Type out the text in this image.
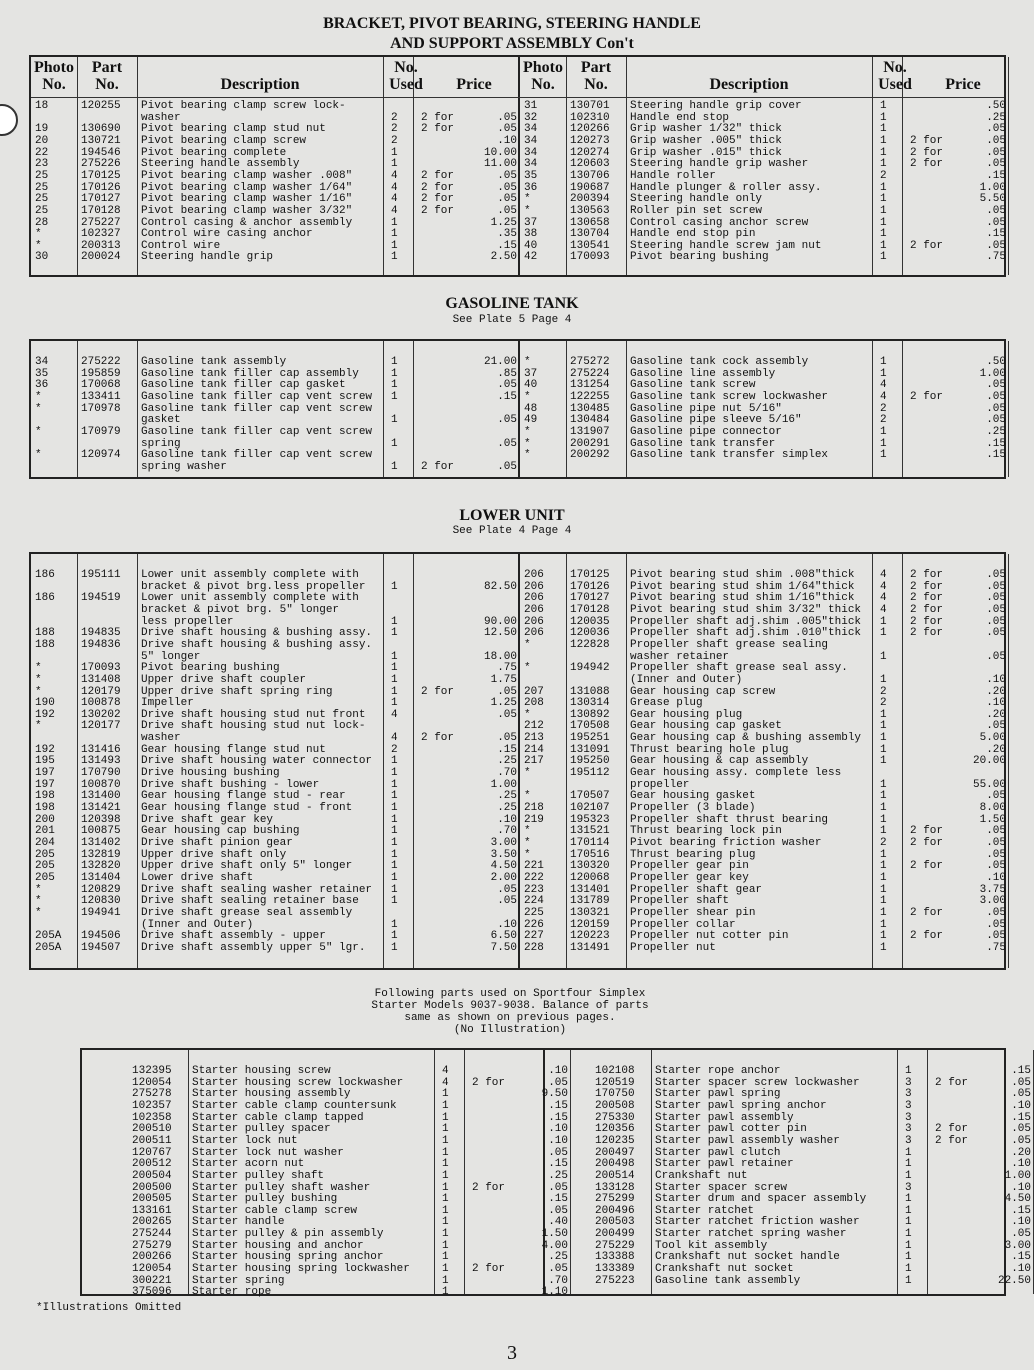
BRACKET, PIVOT BEARING, STEERING HANDLE
AND SUPPORT ASSEMBLY Con't
Photo
No.
Part
No.	Description
No.
Used	Price
Photo
No.
Part
No.	Description
No.
Used	Price
18	120255	Pivot bearing clamp screw lock-
washer	2	2 for	.05
19	130690	Pivot bearing clamp stud nut	2	2 for	.05
20	130721	Pivot bearing clamp screw	2	.10
22	194546	Pivot bearing complete	1	10.00
23	275226	Steering handle assembly	1	11.00
25	170125	Pivot bearing clamp washer .008"	4	2 for	.05
25	170126	Pivot bearing clamp washer 1/64"	4	2 for	.05
25	170127	Pivot bearing clamp washer 1/16"	4	2 for	.05
25	170128	Pivot bearing clamp washer 3/32"	4	2 for	.05
28	275227	Control casing & anchor assembly	1	1.25
*	102327	Control wire casing anchor	1	.35
*	200313	Control wire	1	.15
30	200024	Steering handle grip	1	2.50
31	130701	Steering handle grip cover	1	.50
32	102310	Handle end stop	1	.25
34	120266	Grip washer 1/32" thick	1	.05
34	120273	Grip washer .005" thick	1	2 for	.05
34	120274	Grip washer .015" thick	1	2 for	.05
34	120603	Steering handle grip washer	1	2 for	.05
35	130706	Handle roller	2	.15
36	190687	Handle plunger & roller assy.	1	1.00
*	200394	Steering handle only	1	5.50
*	130563	Roller pin set screw	1	.05
37	130658	Control casing anchor screw	1	.05
38	130704	Handle end stop pin	1	.15
40	130541	Steering handle screw jam nut	1	2 for	.05
42	170093	Pivot bearing bushing	1	.75
GASOLINE TANK
See Plate 5 Page 4
34	275222	Gasoline tank assembly	1	21.00
35	195859	Gasoline tank filler cap assembly	1	.85
36	170068	Gasoline tank filler cap gasket	1	.05
*	133411	Gasoline tank filler cap vent screw	1	.15
*	170978	Gasoline tank filler cap vent screw
gasket	1	.05
*	170979	Gasoline tank filler cap vent screw
spring	1	.05
*	120974	Gasoline tank filler cap vent screw
spring washer	1	2 for	.05
*	275272	Gasoline tank cock assembly	1	.50
37	275224	Gasoline line assembly	1	1.00
40	131254	Gasoline tank screw	4	.05
*	122255	Gasoline tank screw lockwasher	4	2 for	.05
48	130485	Gasoline pipe nut 5/16"	2	.05
49	130484	Gasoline pipe sleeve 5/16"	2	.05
*	131907	Gasoline pipe connector	1	.25
*	200291	Gasoline tank transfer	1	.15
*	200292	Gasoline tank transfer simplex	1	.15
LOWER UNIT
See Plate 4 Page 4
186	195111	Lower unit assembly complete with
bracket & pivot brg.less propeller	1	82.50
186	194519	Lower unit assembly complete with
bracket & pivot brg. 5" longer
less propeller	1	90.00
188	194835	Drive shaft housing & bushing assy.	1	12.50
188	194836	Drive shaft housing & bushing assy.
5" longer	1	18.00
*	170093	Pivot bearing bushing	1	.75
*	131408	Upper drive shaft coupler	1	1.75
*	120179	Upper drive shaft spring ring	1	2 for	.05
190	100878	Impeller	1	1.25
192	130202	Drive shaft housing stud nut front	4	.05
*	120177	Drive shaft housing stud nut lock-
washer	4	2 for	.05
192	131416	Gear housing flange stud nut	2	.15
195	131493	Drive shaft housing water connector	1	.25
197	170790	Drive housing bushing	1	.70
197	100870	Drive shaft bushing - lower	1	1.00
198	131400	Gear housing flange stud - rear	1	.25
198	131421	Gear housing flange stud - front	1	.25
200	120398	Drive shaft gear key	1	.10
201	100875	Gear housing cap bushing	1	.70
204	131402	Drive shaft pinion gear	1	3.00
205	132819	Upper drive shaft only	1	3.50
205	132820	Upper drive shaft only 5" longer	1	4.50
205	131404	Lower drive shaft	1	2.00
*	120829	Drive shaft sealing washer retainer	1	.05
*	120830	Drive shaft sealing retainer base	1	.05
*	194941	Drive shaft grease seal assembly
(Inner and Outer)	1	.10
205A	194506	Drive shaft assembly - upper	1	6.50
205A	194507	Drive shaft assembly upper 5" lgr.	1	7.50
206	170125	Pivot bearing stud shim .008"thick	4	2 for	.05
206	170126	Pivot bearing stud shim 1/64"thick	4	2 for	.05
206	170127	Pivot bearing stud shim 1/16"thick	4	2 for	.05
206	170128	Pivot bearing stud shim 3/32" thick	4	2 for	.05
206	120035	Propeller shaft adj.shim .005"thick	1	2 for	.05
206	120036	Propeller shaft adj.shim .010"thick	1	2 for	.05
*	122828	Propeller shaft grease sealing
washer retainer	1	.05
*	194942	Propeller shaft grease seal assy.
(Inner and Outer)	1	.10
207	131088	Gear housing cap screw	2	.20
208	130314	Grease plug	2	.10
*	130892	Gear housing plug	1	.20
212	170508	Gear housing cap gasket	1	.05
213	195251	Gear housing cap & bushing assembly	1	5.00
214	131091	Thrust bearing hole plug	1	.20
217	195250	Gear housing & cap assembly	1	20.00
*	195112	Gear housing assy. complete less
propeller	1	55.00
*	170507	Gear housing gasket	1	.05
218	102107	Propeller (3 blade)	1	8.00
219	195323	Propeller shaft thrust bearing	1	1.50
*	131521	Thrust bearing lock pin	1	2 for	.05
*	170114	Pivot bearing friction washer	2	2 for	.05
*	170516	Thrust bearing plug	1	.05
221	130320	Propeller gear pin	1	2 for	.05
222	120068	Propeller gear key	1	.10
223	131401	Propeller shaft gear	1	3.75
224	131789	Propeller shaft	1	3.00
225	130321	Propeller shear pin	1	2 for	.05
226	120159	Propeller collar	1	.05
227	120223	Propeller nut cotter pin	1	2 for	.05
228	131491	Propeller nut	1	.75
Following parts used on Sportfour Simplex
Starter Models 9037-9038. Balance of parts
same as shown on previous pages.
(No Illustration)
132395	Starter housing screw	4	.10
120054	Starter housing screw lockwasher	4	2 for	.05
275278	Starter housing assembly	1	9.50
102357	Starter cable clamp countersunk	1	.15
102358	Starter cable clamp tapped	1	.15
200510	Starter pulley spacer	1	.10
200511	Starter lock nut	1	.10
120767	Starter lock nut washer	1	.05
200512	Starter acorn nut	1	.15
200504	Starter pulley shaft	1	.25
200500	Starter pulley shaft washer	1	2 for	.05
200505	Starter pulley bushing	1	.15
133161	Starter cable clamp screw	1	.05
200265	Starter handle	1	.40
275244	Starter pulley & pin assembly	1	1.50
275279	Starter housing and anchor	1	4.00
200266	Starter housing spring anchor	1	.25
120054	Starter housing spring lockwasher	1	2 for	.05
300221	Starter spring	1	.70
375096	Starter rope	1	1.10
102108	Starter rope anchor	1	.15
120519	Starter spacer screw lockwasher	3	2 for	.05
170750	Starter pawl spring	3	.05
200508	Starter pawl spring anchor	3	.10
275330	Starter pawl assembly	3	.15
120356	Starter pawl cotter pin	3	2 for	.05
120235	Starter pawl assembly washer	3	2 for	.05
200497	Starter pawl clutch	1	.20
200498	Starter pawl retainer	1	.10
200514	Crankshaft nut	1	1.00
133128	Starter spacer screw	3	.10
275299	Starter drum and spacer assembly	1	4.50
200496	Starter ratchet	1	.15
200503	Starter ratchet friction washer	1	.10
200499	Starter ratchet spring washer	1	.05
275229	Tool kit assembly	1	3.00
133388	Crankshaft nut socket handle	1	.15
133389	Crankshaft nut socket	1	.10
275223	Gasoline tank assembly	1	22.50
*Illustrations Omitted
3
